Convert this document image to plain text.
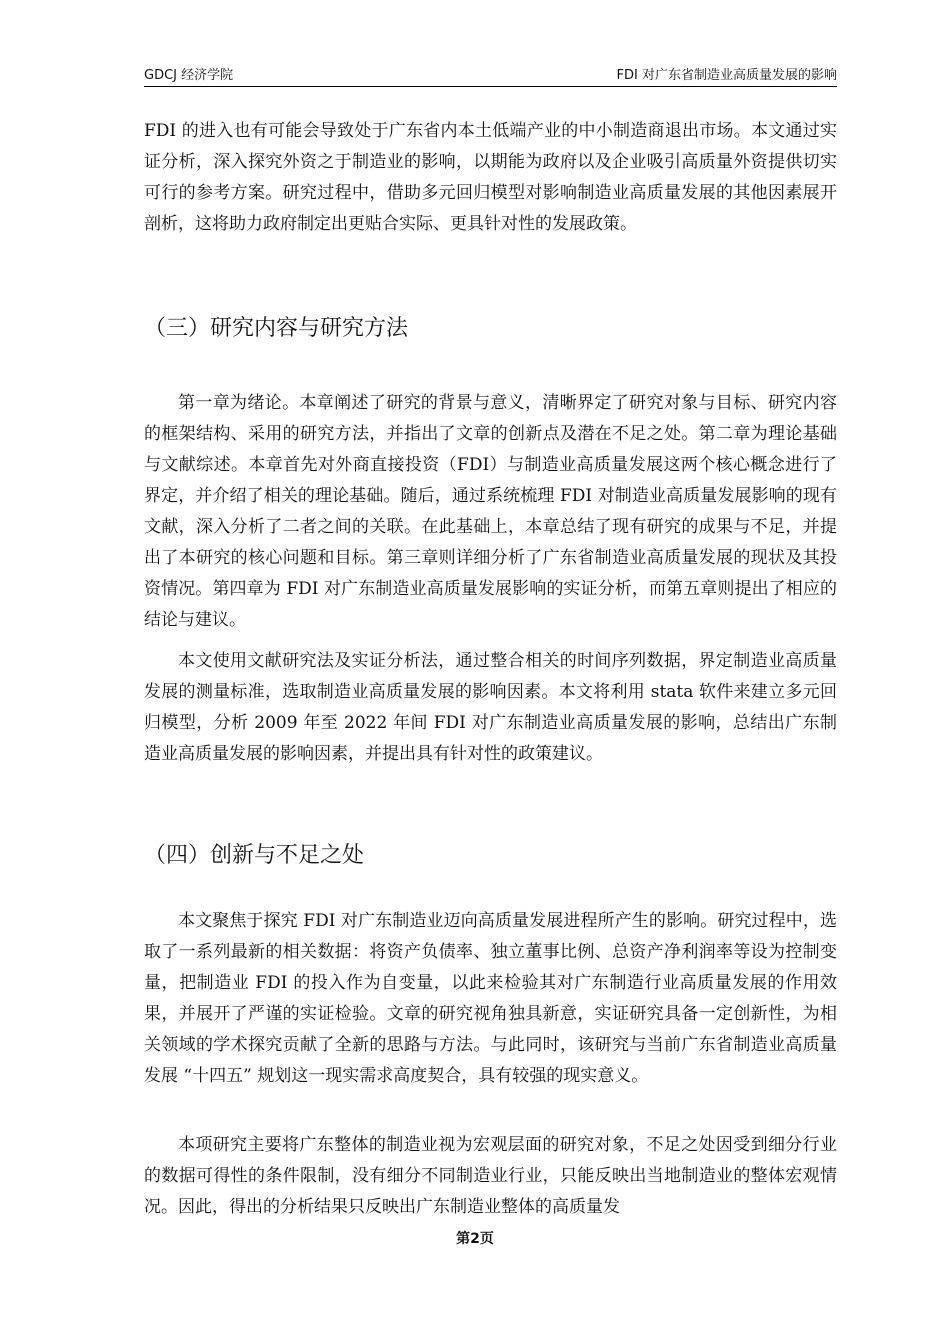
GDCJ 经济学院	FDI 对广东省制造业高质量发展的影响

FDI 的进入也有可能会导致处于广东省内本土低端产业的中小制造商退出市场。本文通过实证分析，深入探究外资之于制造业的影响，以期能为政府以及企业吸引高质量外资提供切实可行的参考方案。研究过程中，借助多元回归模型对影响制造业高质量发展的其他因素展开剖析，这将助力政府制定出更贴合实际、更具针对性的发展政策。

（三）研究内容与研究方法

第一章为绪论。本章阐述了研究的背景与意义，清晰界定了研究对象与目标、研究内容的框架结构、采用的研究方法，并指出了文章的创新点及潜在不足之处。第二章为理论基础与文献综述。本章首先对外商直接投资（FDI）与制造业高质量发展这两个核心概念进行了界定，并介绍了相关的理论基础。随后，通过系统梳理 FDI 对制造业高质量发展影响的现有文献，深入分析了二者之间的关联。在此基础上，本章总结了现有研究的成果与不足，并提出了本研究的核心问题和目标。第三章则详细分析了广东省制造业高质量发展的现状及其投资情况。第四章为 FDI 对广东制造业高质量发展影响的实证分析，而第五章则提出了相应的结论与建议。

本文使用文献研究法及实证分析法，通过整合相关的时间序列数据，界定制造业高质量发展的测量标准，选取制造业高质量发展的影响因素。本文将利用 stata 软件来建立多元回归模型，分析 2009 年至 2022 年间 FDI 对广东制造业高质量发展的影响，总结出广东制造业高质量发展的影响因素，并提出具有针对性的政策建议。

（四）创新与不足之处

本文聚焦于探究 FDI 对广东制造业迈向高质量发展进程所产生的影响。研究过程中，选取了一系列最新的相关数据：将资产负债率、独立董事比例、总资产净利润率等设为控制变量，把制造业 FDI 的投入作为自变量，以此来检验其对广东制造行业高质量发展的作用效果，并展开了严谨的实证检验。文章的研究视角独具新意，实证研究具备一定创新性，为相关领域的学术探究贡献了全新的思路与方法。与此同时，该研究与当前广东省制造业高质量发展 “十四五” 规划这一现实需求高度契合，具有较强的现实意义。

本项研究主要将广东整体的制造业视为宏观层面的研究对象，不足之处因受到细分行业的数据可得性的条件限制，没有细分不同制造业行业，只能反映出当地制造业的整体宏观情况。因此，得出的分析结果只反映出广东制造业整体的高质量发

第2页
